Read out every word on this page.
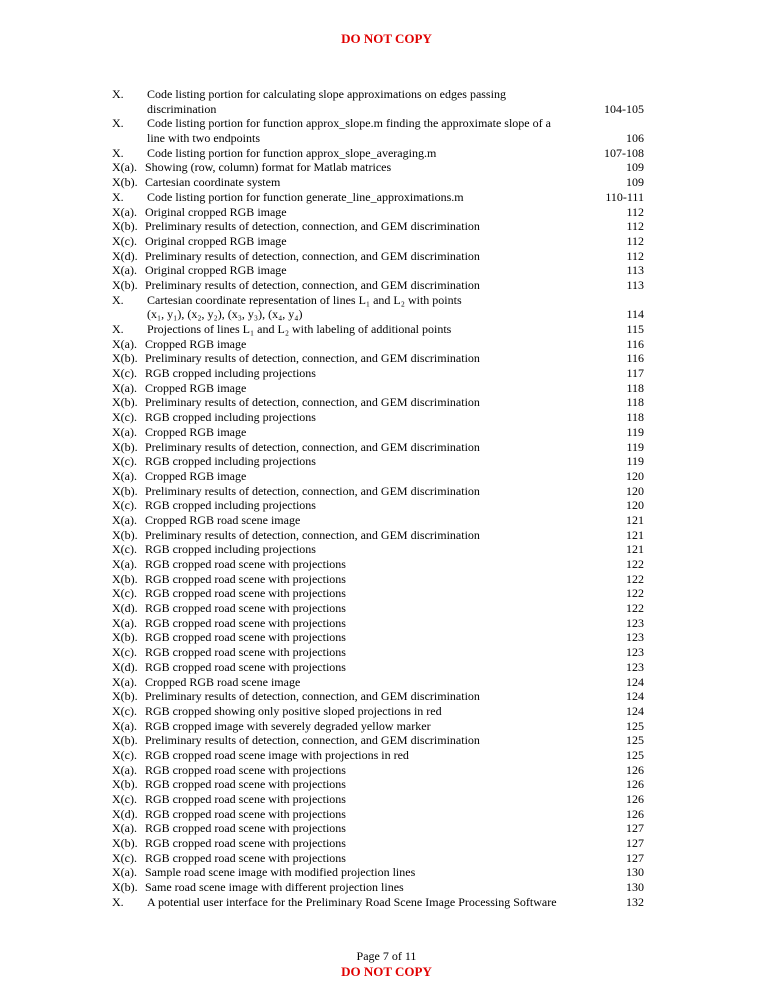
DO NOT COPY
X. Code listing portion for calculating slope approximations on edges passing
discrimination	104-105
X. Code listing portion for function approx_slope.m finding the approximate slope of a
line with two endpoints	106
X. Code listing portion for function approx_slope_averaging.m	107-108
X(a). Showing (row, column) format for Matlab matrices	109
X(b). Cartesian coordinate system	109
X. Code listing portion for function generate_line_approximations.m	110-111
X(a). Original cropped RGB image	112
X(b). Preliminary results of detection, connection, and GEM discrimination	112
X(c). Original cropped RGB image	112
X(d). Preliminary results of detection, connection, and GEM discrimination	112
X(a). Original cropped RGB image	113
X(b). Preliminary results of detection, connection, and GEM discrimination	113
X. Cartesian coordinate representation of lines L₁ and L₂ with points
(x₁, y₁), (x₂, y₂), (x₃, y₃), (x₄, y₄)	114
X. Projections of lines L₁ and L₂ with labeling of additional points	115
X(a). Cropped RGB image	116
X(b). Preliminary results of detection, connection, and GEM discrimination	116
X(c). RGB cropped including projections	117
X(a). Cropped RGB image	118
X(b). Preliminary results of detection, connection, and GEM discrimination	118
X(c). RGB cropped including projections	118
X(a). Cropped RGB image	119
X(b). Preliminary results of detection, connection, and GEM discrimination	119
X(c). RGB cropped including projections	119
X(a). Cropped RGB image	120
X(b). Preliminary results of detection, connection, and GEM discrimination	120
X(c). RGB cropped including projections	120
X(a). Cropped RGB road scene image	121
X(b). Preliminary results of detection, connection, and GEM discrimination	121
X(c). RGB cropped including projections	121
X(a). RGB cropped road scene with projections	122
X(b). RGB cropped road scene with projections	122
X(c). RGB cropped road scene with projections	122
X(d). RGB cropped road scene with projections	122
X(a). RGB cropped road scene with projections	123
X(b). RGB cropped road scene with projections	123
X(c). RGB cropped road scene with projections	123
X(d). RGB cropped road scene with projections	123
X(a). Cropped RGB road scene image	124
X(b). Preliminary results of detection, connection, and GEM discrimination	124
X(c). RGB cropped showing only positive sloped projections in red	124
X(a). RGB cropped image with severely degraded yellow marker	125
X(b). Preliminary results of detection, connection, and GEM discrimination	125
X(c). RGB cropped road scene image with projections in red	125
X(a). RGB cropped road scene with projections	126
X(b). RGB cropped road scene with projections	126
X(c). RGB cropped road scene with projections	126
X(d). RGB cropped road scene with projections	126
X(a). RGB cropped road scene with projections	127
X(b). RGB cropped road scene with projections	127
X(c). RGB cropped road scene with projections	127
X(a). Sample road scene image with modified projection lines	130
X(b). Same road scene image with different projection lines	130
X. A potential user interface for the Preliminary Road Scene Image Processing Software	132
Page 7 of 11
DO NOT COPY
